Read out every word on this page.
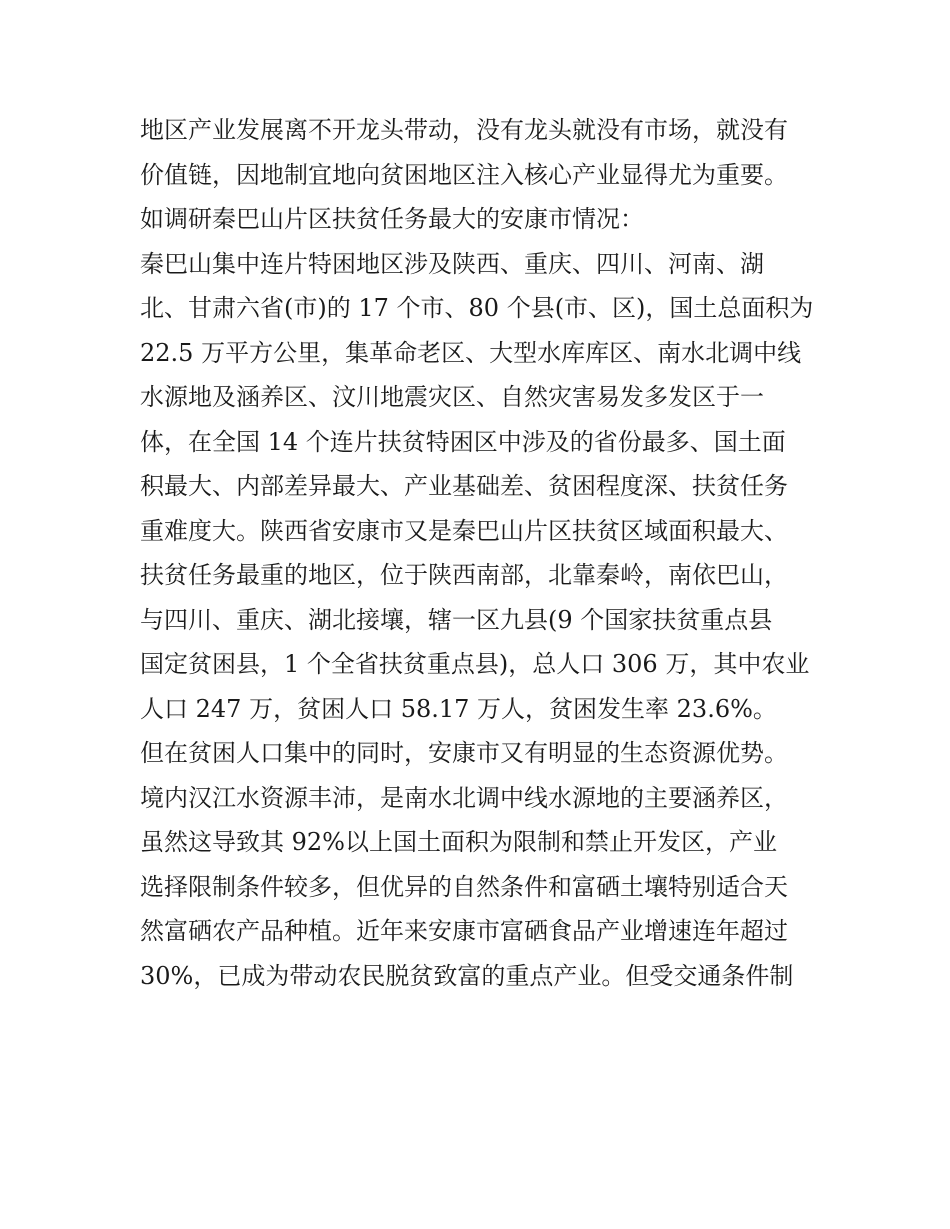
地区产业发展离不开龙头带动，没有龙头就没有市场，就没有
价值链，因地制宜地向贫困地区注入核心产业显得尤为重要。
如调研秦巴山片区扶贫任务最大的安康市情况：
秦巴山集中连片特困地区涉及陕西、重庆、四川、河南、湖
北、甘肃六省(市)的 17 个市、80 个县(市、区)，国土总面积为
22.5 万平方公里，集革命老区、大型水库库区、南水北调中线
水源地及涵养区、汶川地震灾区、自然灾害易发多发区于一
体，在全国 14 个连片扶贫特困区中涉及的省份最多、国土面
积最大、内部差异最大、产业基础差、贫困程度深、扶贫任务
重难度大。陕西省安康市又是秦巴山片区扶贫区域面积最大、
扶贫任务最重的地区，位于陕西南部，北靠秦岭，南依巴山，
与四川、重庆、湖北接壤，辖一区九县(9 个国家扶贫重点县
国定贫困县，1 个全省扶贫重点县)，总人口 306 万，其中农业
人口 247 万，贫困人口 58.17 万人，贫困发生率 23.6%。
但在贫困人口集中的同时，安康市又有明显的生态资源优势。
境内汉江水资源丰沛，是南水北调中线水源地的主要涵养区，
虽然这导致其 92%以上国土面积为限制和禁止开发区，产业
选择限制条件较多，但优异的自然条件和富硒土壤特别适合天
然富硒农产品种植。近年来安康市富硒食品产业增速连年超过
30%，已成为带动农民脱贫致富的重点产业。但受交通条件制
